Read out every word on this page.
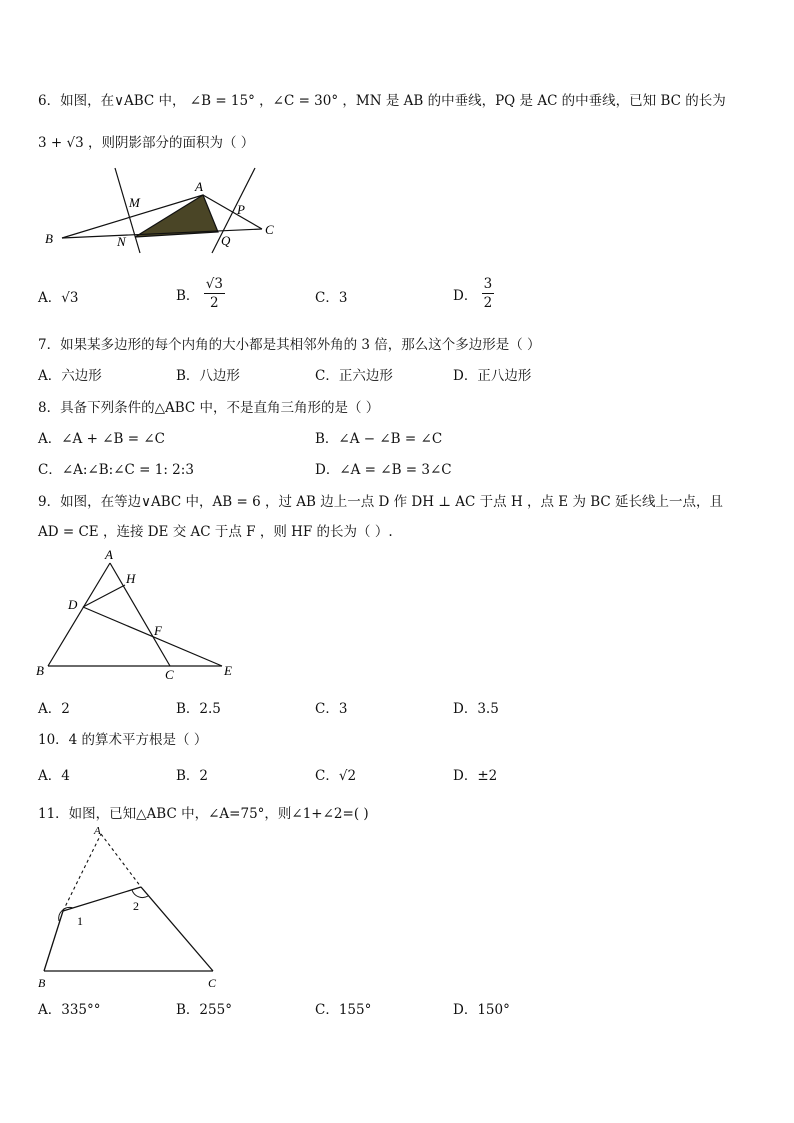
6．如图，在∨ABC 中， ∠B = 15° ，∠C = 30° ，MN 是 AB 的中垂线，PQ 是 AC 的中垂线，已知 BC 的长为
3 + √3 ，则阴影部分的面积为（ ）
A
B
C
M
N
P
Q
A．√3	B． $\frac{√3}{2}$	C．3	D． $\frac{3}{2}$
7．如果某多边形的每个内角的大小都是其相邻外角的 3 倍，那么这个多边形是（ ）
A．六边形	B．八边形	C．正六边形	D．正八边形
8．具备下列条件的△ABC 中，不是直角三角形的是（ ）
A．∠A + ∠B = ∠C	B．∠A − ∠B = ∠C
C．∠A:∠B:∠C = 1: 2:3	D．∠A = ∠B = 3∠C
9．如图，在等边∨ABC 中，AB = 6 ，过 AB 边上一点 D 作 DH ⊥ AC 于点 H ，点 E 为 BC 延长线上一点，且
AD = CE ，连接 DE 交 AC 于点 F ，则 HF 的长为（ ）.
A
H
D
F
B	C	E
A．2	B．2.5	C．3	D．3.5
10．4 的算术平方根是（ ）
A．4	B．2	C．√2	D．±2
11．如图，已知△ABC 中，∠A=75°，则∠1+∠2=( )
A
1
2
B	C
A．335°°	B．255°	C．155°	D．150°
